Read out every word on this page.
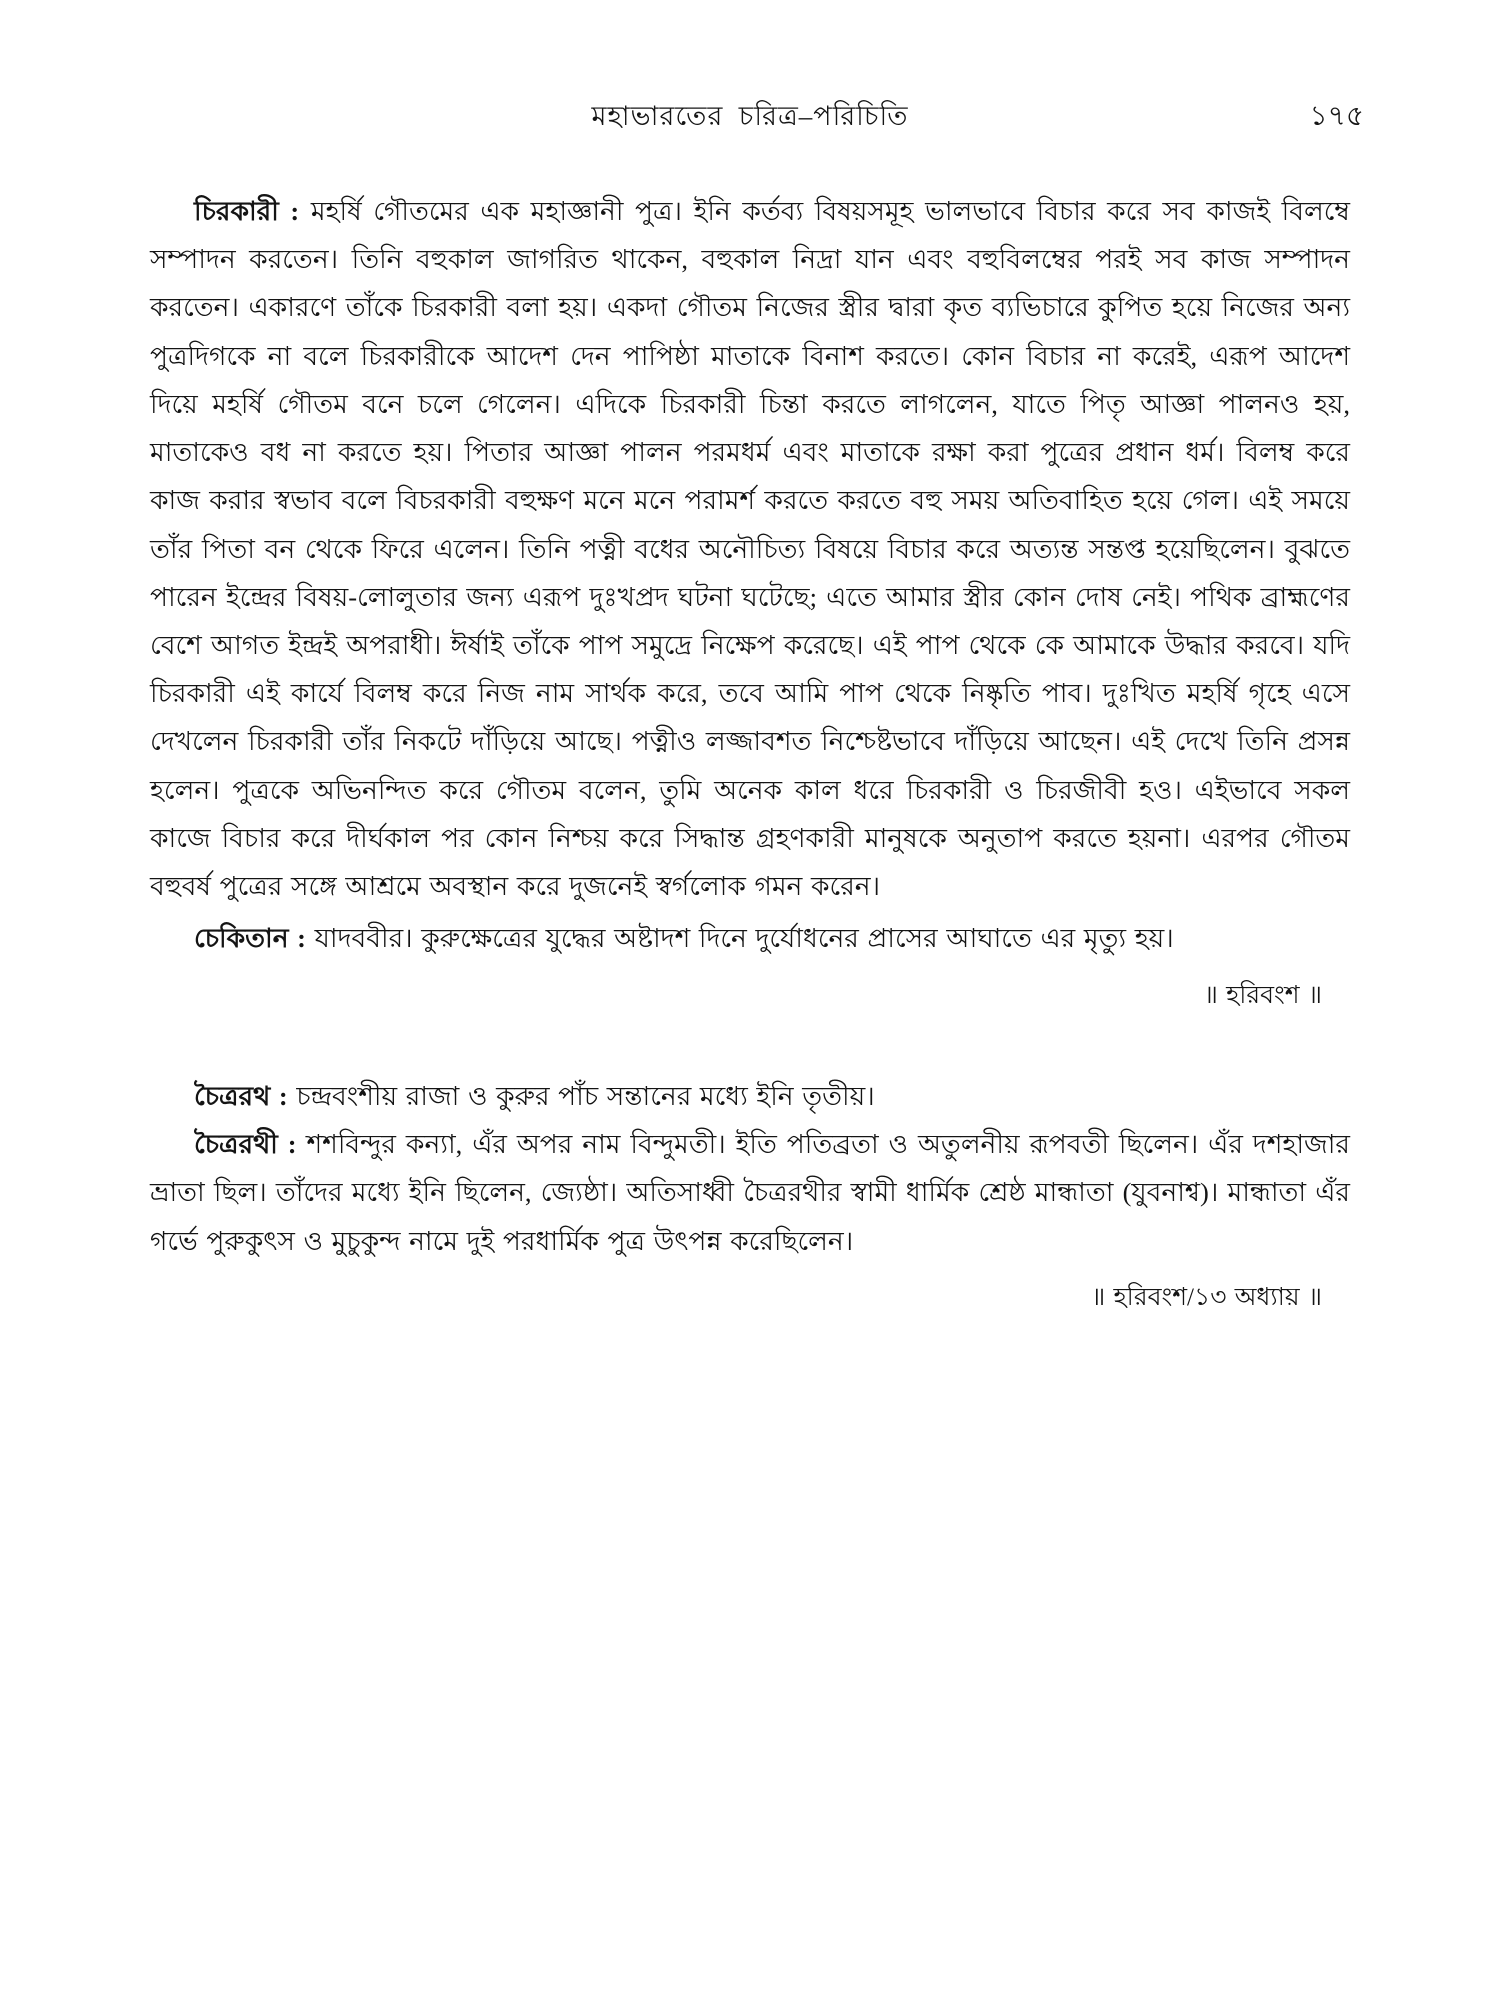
মহাভারতের  চরিত্র–পরিচিতি	১৭৫

চিরকারী : মহর্ষি গৌতমের এক মহাজ্ঞানী পুত্র। ইনি কর্তব্য বিষয়সমূহ ভালভাবে বিচার করে সব কাজই বিলম্বে সম্পাদন করতেন। তিনি বহুকাল জাগরিত থাকেন, বহুকাল নিদ্রা যান এবং বহুবিলম্বের পরই সব কাজ সম্পাদন করতেন। একারণে তাঁকে চিরকারী বলা হয়। একদা গৌতম নিজের স্ত্রীর দ্বারা কৃত ব্যভিচারে কুপিত হয়ে নিজের অন্য পুত্রদিগকে না বলে চিরকারীকে আদেশ দেন পাপিষ্ঠা মাতাকে বিনাশ করতে। কোন বিচার না করেই, এরূপ আদেশ দিয়ে মহর্ষি গৌতম বনে চলে গেলেন। এদিকে চিরকারী চিন্তা করতে লাগলেন, যাতে পিতৃ আজ্ঞা পালনও হয়, মাতাকেও বধ না করতে হয়। পিতার আজ্ঞা পালন পরমধর্ম এবং মাতাকে রক্ষা করা পুত্রের প্রধান ধর্ম। বিলম্ব করে কাজ করার স্বভাব বলে বিচরকারী বহুক্ষণ মনে মনে পরামর্শ করতে করতে বহু সময় অতিবাহিত হয়ে গেল। এই সময়ে তাঁর পিতা বন থেকে ফিরে এলেন। তিনি পত্নী বধের অনৌচিত্য বিষয়ে বিচার করে অত্যন্ত সন্তপ্ত হয়েছিলেন। বুঝতে পারেন ইন্দ্রের বিষয়-লোলুতার জন্য এরূপ দুঃখপ্রদ ঘটনা ঘটেছে; এতে আমার স্ত্রীর কোন দোষ নেই। পথিক ব্রাহ্মণের বেশে আগত ইন্দ্রই অপরাধী। ঈর্ষাই তাঁকে পাপ সমুদ্রে নিক্ষেপ করেছে। এই পাপ থেকে কে আমাকে উদ্ধার করবে। যদি চিরকারী এই কার্যে বিলম্ব করে নিজ নাম সার্থক করে, তবে আমি পাপ থেকে নিষ্কৃতি পাব। দুঃখিত মহর্ষি গৃহে এসে দেখলেন চিরকারী তাঁর নিকটে দাঁড়িয়ে আছে। পত্নীও লজ্জাবশত নিশ্চেষ্টভাবে দাঁড়িয়ে আছেন। এই দেখে তিনি প্রসন্ন হলেন। পুত্রকে অভিনন্দিত করে গৌতম বলেন, তুমি অনেক কাল ধরে চিরকারী ও চিরজীবী হও। এইভাবে সকল কাজে বিচার করে দীর্ঘকাল পর কোন নিশ্চয় করে সিদ্ধান্ত গ্রহণকারী মানুষকে অনুতাপ করতে হয়না। এরপর গৌতম বহুবর্ষ পুত্রের সঙ্গে আশ্রমে অবস্থান করে দুজনেই স্বর্গলোক গমন করেন।

চেকিতান : যাদববীর। কুরুক্ষেত্রের যুদ্ধের অষ্টাদশ দিনে দুর্যোধনের প্রাসের আঘাতে এর মৃত্যু হয়।

॥ হরিবংশ ॥

চৈত্ররথ : চন্দ্রবংশীয় রাজা ও কুরুর পাঁচ সন্তানের মধ্যে ইনি তৃতীয়।

চৈত্ররথী : শশবিন্দুর কন্যা, এঁর অপর নাম বিন্দুমতী। ইতি পতিব্রতা ও অতুলনীয় রূপবতী ছিলেন। এঁর দশহাজার ভ্রাতা ছিল। তাঁদের মধ্যে ইনি ছিলেন, জ্যেষ্ঠা। অতিসাধ্বী চৈত্ররথীর স্বামী ধার্মিক শ্রেষ্ঠ মান্ধাতা (যুবনাশ্ব)। মান্ধাতা এঁর গর্ভে পুরুকুৎস ও মুচুকুন্দ নামে দুই পরধার্মিক পুত্র উৎপন্ন করেছিলেন।

॥ হরিবংশ/১৩ অধ্যায় ॥
